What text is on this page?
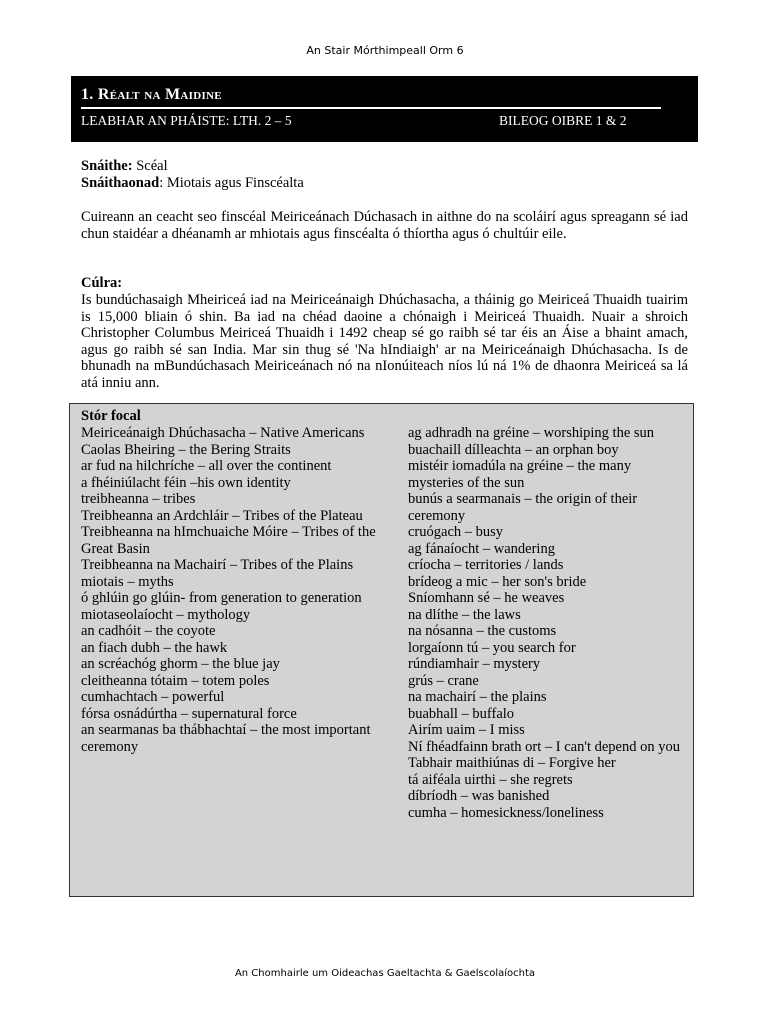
An Stair Mórthimpeall Orm 6
1. Réalt na Maidine
LEABHAR AN PHÁISTE: LTH. 2 – 5	BILEOG OIBRE 1 & 2
Snáithe: Scéal
Snáithaonad: Miotais agus Finscéalta
Cuireann an ceacht seo finscéal Meiriceánach Dúchasach in aithne do na scoláirí agus spreagann sé iad chun staidéar a dhéanamh ar mhiotais agus finscéalta ó thíortha agus ó chultúir eile.
Cúlra:
Is bundúchasaigh Mheiriceá iad na Meiriceánaigh Dhúchasacha, a tháinig go Meiriceá Thuaidh tuairim is 15,000 bliain ó shin. Ba iad na chéad daoine a chónaigh i Meiriceá Thuaidh. Nuair a shroich Christopher Columbus Meiriceá Thuaidh i 1492 cheap sé go raibh sé tar éis an Áise a bhaint amach, agus go raibh sé san India. Mar sin thug sé 'Na hIndiaigh' ar na Meiriceánaigh Dhúchasacha. Is de bhunadh na mBundúchasach Meiriceánach nó na nIonúiteach níos lú ná 1% de dhaonra Meiriceá sa lá atá inniu ann.
Stór focal
Meiriceánaigh Dhúchasacha – Native Americans
Caolas Bheiring – the Bering Straits
ar fud na hilchríche – all over the continent
a fhéiniúlacht féin –his own identity
treibheanna – tribes
Treibheanna an Ardchláir – Tribes of the Plateau
Treibheanna na hImchuaiche Móire – Tribes of the Great Basin
Treibheanna na Machairí – Tribes of the Plains
miotais – myths
ó ghlúin go glúin- from generation to generation
miotaseolaíocht – mythology
an cadhóit – the coyote
an fiach dubh – the hawk
an scréachóg ghorm – the blue jay
cleitheanna tótaim – totem poles
cumhachtach – powerful
fórsa osnádúrtha – supernatural force
an searmanas ba thábhachtaí – the most important ceremony
ag adhradh na gréine – worshiping the sun
buachaill dílleachta – an orphan boy
mistéir iomadúla na gréine – the many mysteries of the sun
bunús a searmanais – the origin of their ceremony
cruógach – busy
ag fánaíocht – wandering
críocha – territories / lands
brídeog a mic – her son's bride
Sníomhann sé – he weaves
na dlíthe – the laws
na nósanna – the customs
lorgaíonn tú – you search for
rúndiamhair – mystery
grús – crane
na machairí – the plains
buabhall – buffalo
Airím uaim – I miss
Ní fhéadfainn brath ort – I can't depend on you
Tabhair maithiúnas di – Forgive her
tá aiféala uirthi – she regrets
díbríodh – was banished
cumha – homesickness/loneliness
An Chomhairle um Oideachas Gaeltachta & Gaelscolaíochta
